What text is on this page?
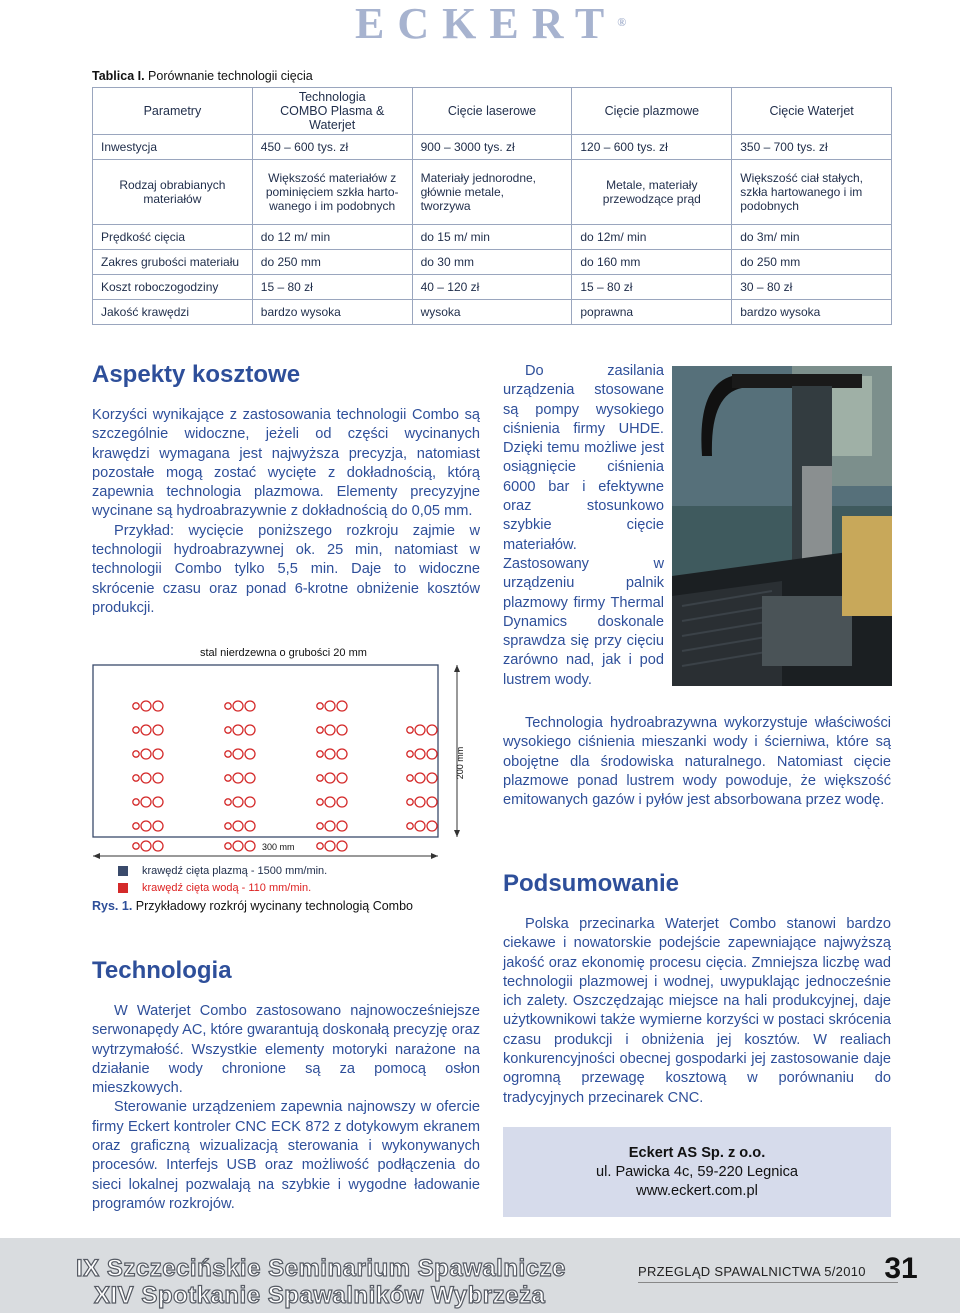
ECKERT®
Tablica I. Porównanie technologii cięcia
Parametry	Technologia COMBO Plasma & Waterjet	Cięcie laserowe	Cięcie plazmowe	Cięcie Waterjet
Inwestycja	450 – 600 tys. zł	900 – 3000 tys. zł	120 – 600 tys. zł	350 – 700 tys. zł
Rodzaj obrabianych materiałów	Większość materiałów z pominięciem szkła harto-wanego i im podobnych	Materiały jednorodne, głównie metale, tworzywa	Metale, materiały przewodzące prąd	Większość ciał stałych, szkła hartowanego i im podobnych
Prędkość cięcia	do 12 m/ min	do 15 m/ min	do 12m/ min	do 3m/ min
Zakres grubości materiału	do 250 mm	do 30 mm	do 160 mm	do 250 mm
Koszt roboczogodziny	15 – 80 zł	40 – 120 zł	15 – 80 zł	30 – 80 zł
Jakość krawędzi	bardzo wysoka	wysoka	poprawna	bardzo wysoka
Aspekty kosztowe

Korzyści wynikające z zastosowania technologii Combo są szczególnie widoczne, jeżeli od części wycinanych krawędzi wymagana jest najwyższa precyzja, natomiast pozostałe mogą zostać wycięte z dokładnością, którą zapewnia technologia plazmowa. Elementy precyzyjne wycinane są hydroabrazywnie z dokładnością do 0,05 mm.

Przykład: wycięcie poniższego rozkroju zajmie w technologii hydroabrazywnej ok. 25 min, natomiast w technologii Combo tylko 5,5 min. Daje to widoczne skrócenie czasu oraz ponad 6-krotne obniżenie kosztów produkcji.

stal nierdzewna o grubości 20 mm
200 mm
300 mm
krawędź cięta plazmą - 1500 mm/min.
krawędź cięta wodą - 110 mm/min.
Rys. 1. Przykładowy rozkrój wycinany technologią Combo
Technologia

W Waterjet Combo zastosowano najnowocześniejsze serwonapędy AC, które gwarantują doskonałą precyzję oraz wytrzymałość. Wszystkie elementy motoryki narażone na działanie wody chronione są za pomocą osłon mieszkowych.

Sterowanie urządzeniem zapewnia najnowszy w ofercie firmy Eckert kontroler CNC ECK 872 z dotykowym ekranem oraz graficzną wizualizacją sterowania i wykonywanych procesów. Interfejs USB oraz możliwość podłączenia do sieci lokalnej pozwalają na szybkie i wygodne ładowanie programów rozkrojów.

Do zasilania urządzenia stosowane są pompy wysokiego ciśnienia firmy UHDE. Dzięki temu możliwe jest osiągnięcie ciśnienia 6000 bar i efektywne oraz stosunkowo szybkie cięcie materiałów. Zastosowany w urządzeniu palnik plazmowy firmy Thermal Dynamics doskonale sprawdza się przy cięciu zarówno nad, jak i pod lustrem wody.

Technologia hydroabrazywna wykorzystuje właściwości wysokiego ciśnienia mieszanki wody i ścierniwa, które są obojętne dla środowiska naturalnego. Natomiast cięcie plazmowe ponad lustrem wody powoduje, że większość emitowanych gazów i pyłów jest absorbowana przez wodę.

Podsumowanie

Polska przecinarka Waterjet Combo stanowi bardzo ciekawe i nowatorskie podejście zapewniające najwyższą jakość oraz ekonomię procesu cięcia. Zmniejsza liczbę wad technologii plazmowej i wodnej, uwypuklając jednocześnie ich zalety. Oszczędzając miejsce na hali produkcyjnej, daje użytkownikowi także wymierne korzyści w postaci skrócenia czasu produkcji i obniżenia jej kosztów. W realiach konkurencyjności obecnej gospodarki jej zastosowanie daje ogromną przewagę kosztową w porównaniu do tradycyjnych przecinarek CNC.

Eckert AS Sp. z o.o.
ul. Pawicka 4c, 59-220 Legnica
www.eckert.com.pl
IX Szczecińskie Seminarium Spawalnicze
XIV Spotkanie Spawalników Wybrzeża
PRZEGLĄD SPAWALNICTWA 5/2010 31
